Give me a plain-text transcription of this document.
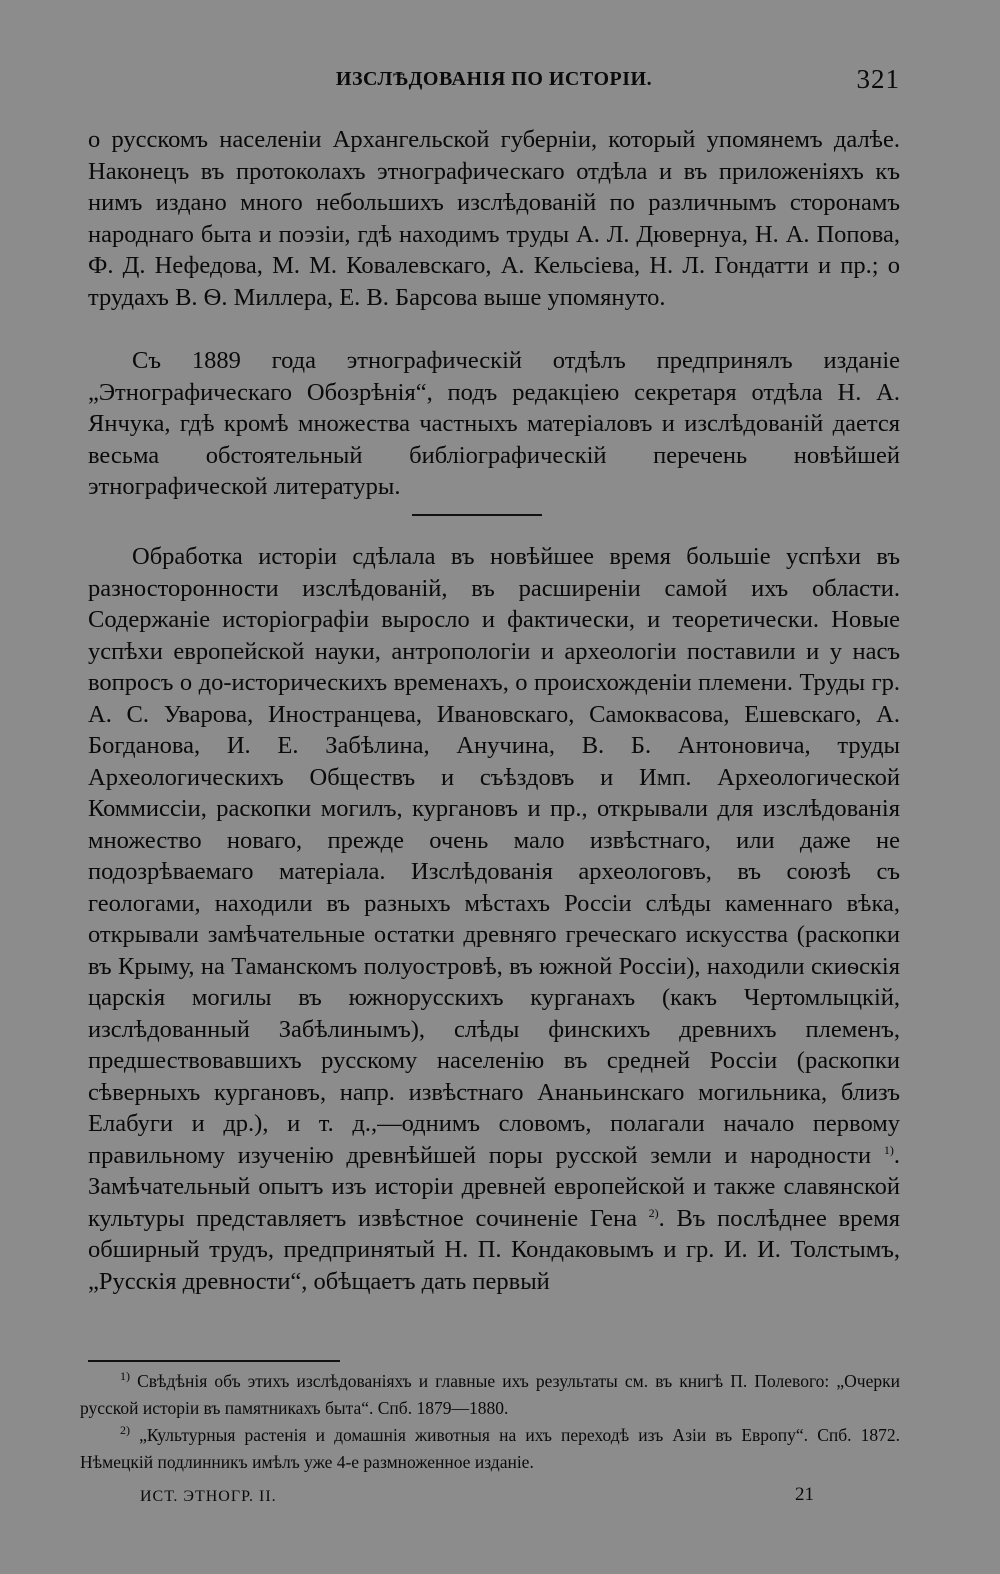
ИЗСЛѢДОВАНІЯ ПО ИСТОРІИ.	321

о русскомъ населеніи Архангельской губерніи, который упомянемъ далѣе. Наконецъ въ протоколахъ этнографическаго отдѣла и въ приложеніяхъ къ нимъ издано много небольшихъ изслѣдованій по различнымъ сторонамъ народнаго быта и поэзіи, гдѣ находимъ труды А. Л. Дювернуа, Н. А. Попова, Ф. Д. Нефедова, М. М. Ковалевскаго, А. Кельсіева, Н. Л. Гондатти и пр.; о трудахъ В. Ѳ. Миллера, Е. В. Барсова выше упомянуто.

Съ 1889 года этнографическій отдѣлъ предпринялъ изданіе „Этнографическаго Обозрѣнія“, подъ редакціею секретаря отдѣла Н. А. Янчука, гдѣ кромѣ множества частныхъ матеріаловъ и изслѣдованій дается весьма обстоятельный библіографическій перечень новѣйшей этнографической литературы.

Обработка исторіи сдѣлала въ новѣйшее время большіе успѣхи въ разносторонности изслѣдованій, въ расширеніи самой ихъ области. Содержаніе исторіографіи выросло и фактически, и теоретически. Новые успѣхи европейской науки, антропологіи и археологіи поставили и у насъ вопросъ о до-историческихъ временахъ, о происхожденіи племени. Труды гр. А. С. Уварова, Иностранцева, Ивановскаго, Самоквасова, Ешевскаго, А. Богданова, И. Е. Забѣлина, Анучина, В. Б. Антоновича, труды Археологическихъ Обществъ и съѣздовъ и Имп. Археологической Коммиссіи, раскопки могилъ, кургановъ и пр., открывали для изслѣдованія множество новаго, прежде очень мало извѣстнаго, или даже не подозрѣваемаго матеріала. Изслѣдованія археологовъ, въ союзѣ съ геологами, находили въ разныхъ мѣстахъ Россіи слѣды каменнаго вѣка, открывали замѣчательные остатки древняго греческаго искусства (раскопки въ Крыму, на Таманскомъ полуостровѣ, въ южной Россіи), находили скиѳскія царскія могилы въ южнорусскихъ курганахъ (какъ Чертомлыцкій, изслѣдованный Забѣлинымъ), слѣды финскихъ древнихъ племенъ, предшествовавшихъ русскому населенію въ средней Россіи (раскопки сѣверныхъ кургановъ, напр. извѣстнаго Ананьинскаго могильника, близъ Елабуги и др.), и т. д.,—однимъ словомъ, полагали начало первому правильному изученію древнѣйшей поры русской земли и народности $^{1)}$. Замѣчательный опытъ изъ исторіи древней европейской и также славянской культуры представляетъ извѣстное сочиненіе Гена $^{2)}$. Въ послѣднее время обширный трудъ, предпринятый Н. П. Кондаковымъ и гр. И. И. Толстымъ, „Русскія древности“, обѣщаетъ дать первый

$^{1)}$ Свѣдѣнія объ этихъ изслѣдованіяхъ и главные ихъ результаты см. въ книгѣ П. Полевого: „Очерки русской исторіи въ памятникахъ быта“. Спб. 1879—1880.

$^{2)}$ „Культурныя растенія и домашнія животныя на ихъ переходѣ изъ Азіи въ Европу“. Спб. 1872. Нѣмецкій подлинникъ имѣлъ уже 4-е размноженное изданіе.

ИСТ. ЭТНОГР. II.	21
